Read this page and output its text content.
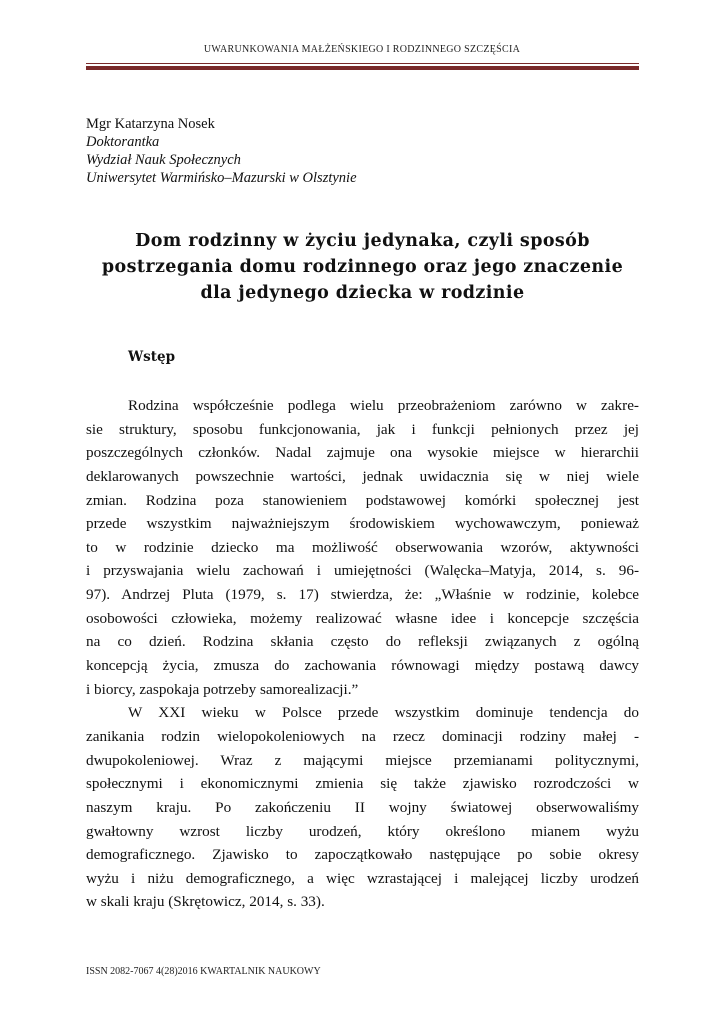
UWARUNKOWANIA MAŁŻEŃSKIEGO I RODZINNEGO SZCZĘŚCIA
Mgr Katarzyna Nosek
Doktorantka
Wydział Nauk Społecznych
Uniwersytet Warmińsko–Mazurski w Olsztynie
Dom rodzinny w życiu jedynaka, czyli sposób
postrzegania domu rodzinnego oraz jego znaczenie
dla jedynego dziecka w rodzinie
Wstęp
Rodzina współcześnie podlega wielu przeobrażeniom zarówno w zakre-
sie struktury, sposobu funkcjonowania, jak i funkcji pełnionych przez jej
poszczególnych członków. Nadal zajmuje ona wysokie miejsce w hierarchii
deklarowanych powszechnie wartości, jednak uwidacznia się w niej wiele
zmian. Rodzina poza stanowieniem podstawowej komórki społecznej jest
przede wszystkim najważniejszym środowiskiem wychowawczym, ponieważ
to w rodzinie dziecko ma możliwość obserwowania wzorów, aktywności
i przyswajania wielu zachowań i umiejętności (Walęcka–Matyja, 2014, s. 96-
97). Andrzej Pluta (1979, s. 17) stwierdza, że: „Właśnie w rodzinie, kolebce
osobowości człowieka, możemy realizować własne idee i koncepcje szczęścia
na co dzień. Rodzina skłania często do refleksji związanych z ogólną
koncepcją życia, zmusza do zachowania równowagi między postawą dawcy
i biorcy, zaspokaja potrzeby samorealizacji.”
W XXI wieku w Polsce przede wszystkim dominuje tendencja do
zanikania rodzin wielopokoleniowych na rzecz dominacji rodziny małej -
dwupokoleniowej. Wraz z mającymi miejsce przemianami politycznymi,
społecznymi i ekonomicznymi zmienia się także zjawisko rozrodczości w
naszym kraju. Po zakończeniu II wojny światowej obserwowaliśmy
gwałtowny wzrost liczby urodzeń, który określono mianem wyżu
demograficznego. Zjawisko to zapoczątkowało następujące po sobie okresy
wyżu i niżu demograficznego, a więc wzrastającej i malejącej liczby urodzeń
w skali kraju (Skrętowicz, 2014, s. 33).
ISSN 2082-7067 4(28)2016 KWARTALNIK NAUKOWY
